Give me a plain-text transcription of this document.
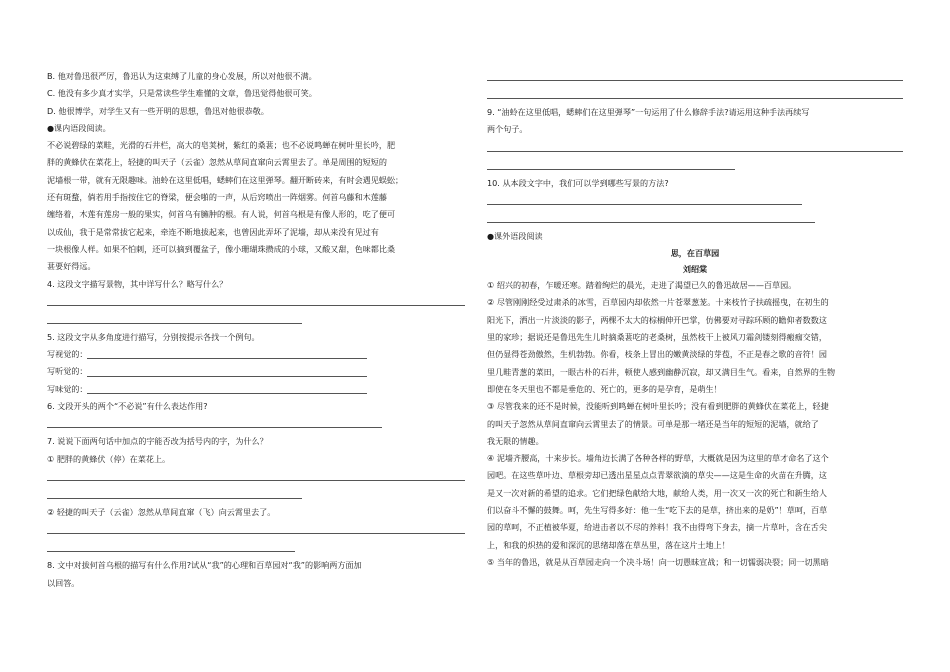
B. 他对鲁迅很严厉，鲁迅认为这束缚了儿童的身心发展，所以对他很不满。
C. 他没有多少真才实学，只是常读些学生难懂的文章，鲁迅觉得他很可笑。
D. 他很博学，对学生又有一些开明的思想，鲁迅对他很恭敬。
●课内语段阅读。
不必说碧绿的菜畦，光滑的石井栏，高大的皂荚树，紫红的桑葚；也不必说鸣蝉在树叶里长吟，肥
胖的黄蜂伏在菜花上，轻捷的叫天子（云雀）忽然从草间直窜向云霄里去了。单是周围的短短的
泥墙根一带，就有无限趣味。油蛉在这里低唱，蟋蟀们在这里弹琴。翻开断砖来，有时会遇见蜈蚣；
还有斑蝥，倘若用手指按住它的脊梁，便会啪的一声，从后窍喷出一阵烟雾。何首乌藤和木莲藤
缠络着，木莲有莲房一般的果实，何首乌有臃肿的根。有人说，何首乌根是有像人形的，吃了便可
以成仙，我于是常常拔它起来，牵连不断地拔起来，也曾因此弄坏了泥墙，却从来没有见过有
一块根像人样。如果不怕刺，还可以摘到覆盆子，像小珊瑚珠攒成的小球，又酸又甜，色味都比桑
葚要好得远。
4. 这段文字描写景物，其中详写什么？略写什么？
5. 这段文字从多角度进行描写，分别按提示各找一个例句。
写视觉的：
写听觉的：
写味觉的：
6. 文段开头的两个“不必说”有什么表达作用?
7. 说说下面两句话中加点的字能否改为括号内的字，为什么？
① 肥胖的黄蜂伏（停）在菜花上。
② 轻捷的叫天子（云雀）忽然从草间直窜（飞）向云霄里去了。
8. 文中对拔何首乌根的描写有什么作用?试从“我”的心理和百草园对“我”的影响两方面加
以回答。
9. “油蛉在这里低唱，蟋蟀们在这里弹琴”一句运用了什么修辞手法?请运用这种手法再续写
两个句子。
10. 从本段文字中，我们可以学到哪些写景的方法?
●课外语段阅读
思，在百草园
刘绍棠
① 绍兴的初春，乍暖还寒。踏着绚烂的晨光，走进了渴望已久的鲁迅故居——百草园。
② 尽管刚刚经受过肃杀的冰雪，百草园内却依然一片苍翠葱茏。十来枝竹子扶疏摇曳，在初生的
阳光下，洒出一片淡淡的影子，两棵不太大的棕榈伸开巴掌，仿佛要对寻踪环顾的瞻仰者数数这
里的家珍；据说还是鲁迅先生儿时摘桑葚吃的老桑树，虽然枝干上被风刀霜剑镂刻得瘢痂交错，
但仍显得苍劲傲然，生机勃勃。你看，枝条上冒出的嫩黄淡绿的芽苞，不正是春之歌的音符！园
里几畦青葱的菜田，一眼古朴的石井，顿使人感到幽静沉寂，却又满目生气。看来，自然界的生物
即使在冬天里也不都是垂危的、死亡的，更多的是孕育，是萌生！
③ 尽管我来的还不是时候，没能听到鸣蝉在树叶里长吟；没有看到肥胖的黄蜂伏在菜花上，轻捷
的叫天子忽然从草间直窜向云霄里去了的情景。可单是那一堵还是当年的短短的泥墙，就给了
我无限的情趣。
④ 泥墙齐腰高，十来步长。墙角边长满了各种各样的野草，大概就是因为这里的草才命名了这个
园吧。在这些草叶边、草根旁却已透出星星点点青翠欲滴的草尖——这是生命的火苗在升腾，这
是又一次对新的希望的追求。它们把绿色献给大地，献给人类，用一次又一次的死亡和新生给人
们以奋斗不懈的鼓舞。呵，先生写得多好：他一生“吃下去的是草，挤出来的是奶”！草呵，百草
园的草呵，不正植被华夏，给进击者以不尽的养料！我不由得弯下身去，摘一片草叶，含在舌尖
上，和我的炽热的爱和深沉的思绪却落在草丛里，落在这片土地上！
⑤ 当年的鲁迅，就是从百草园走向一个决斗场！向一切愚昧宣战；和一切懦弱决裂；同一切黑暗
